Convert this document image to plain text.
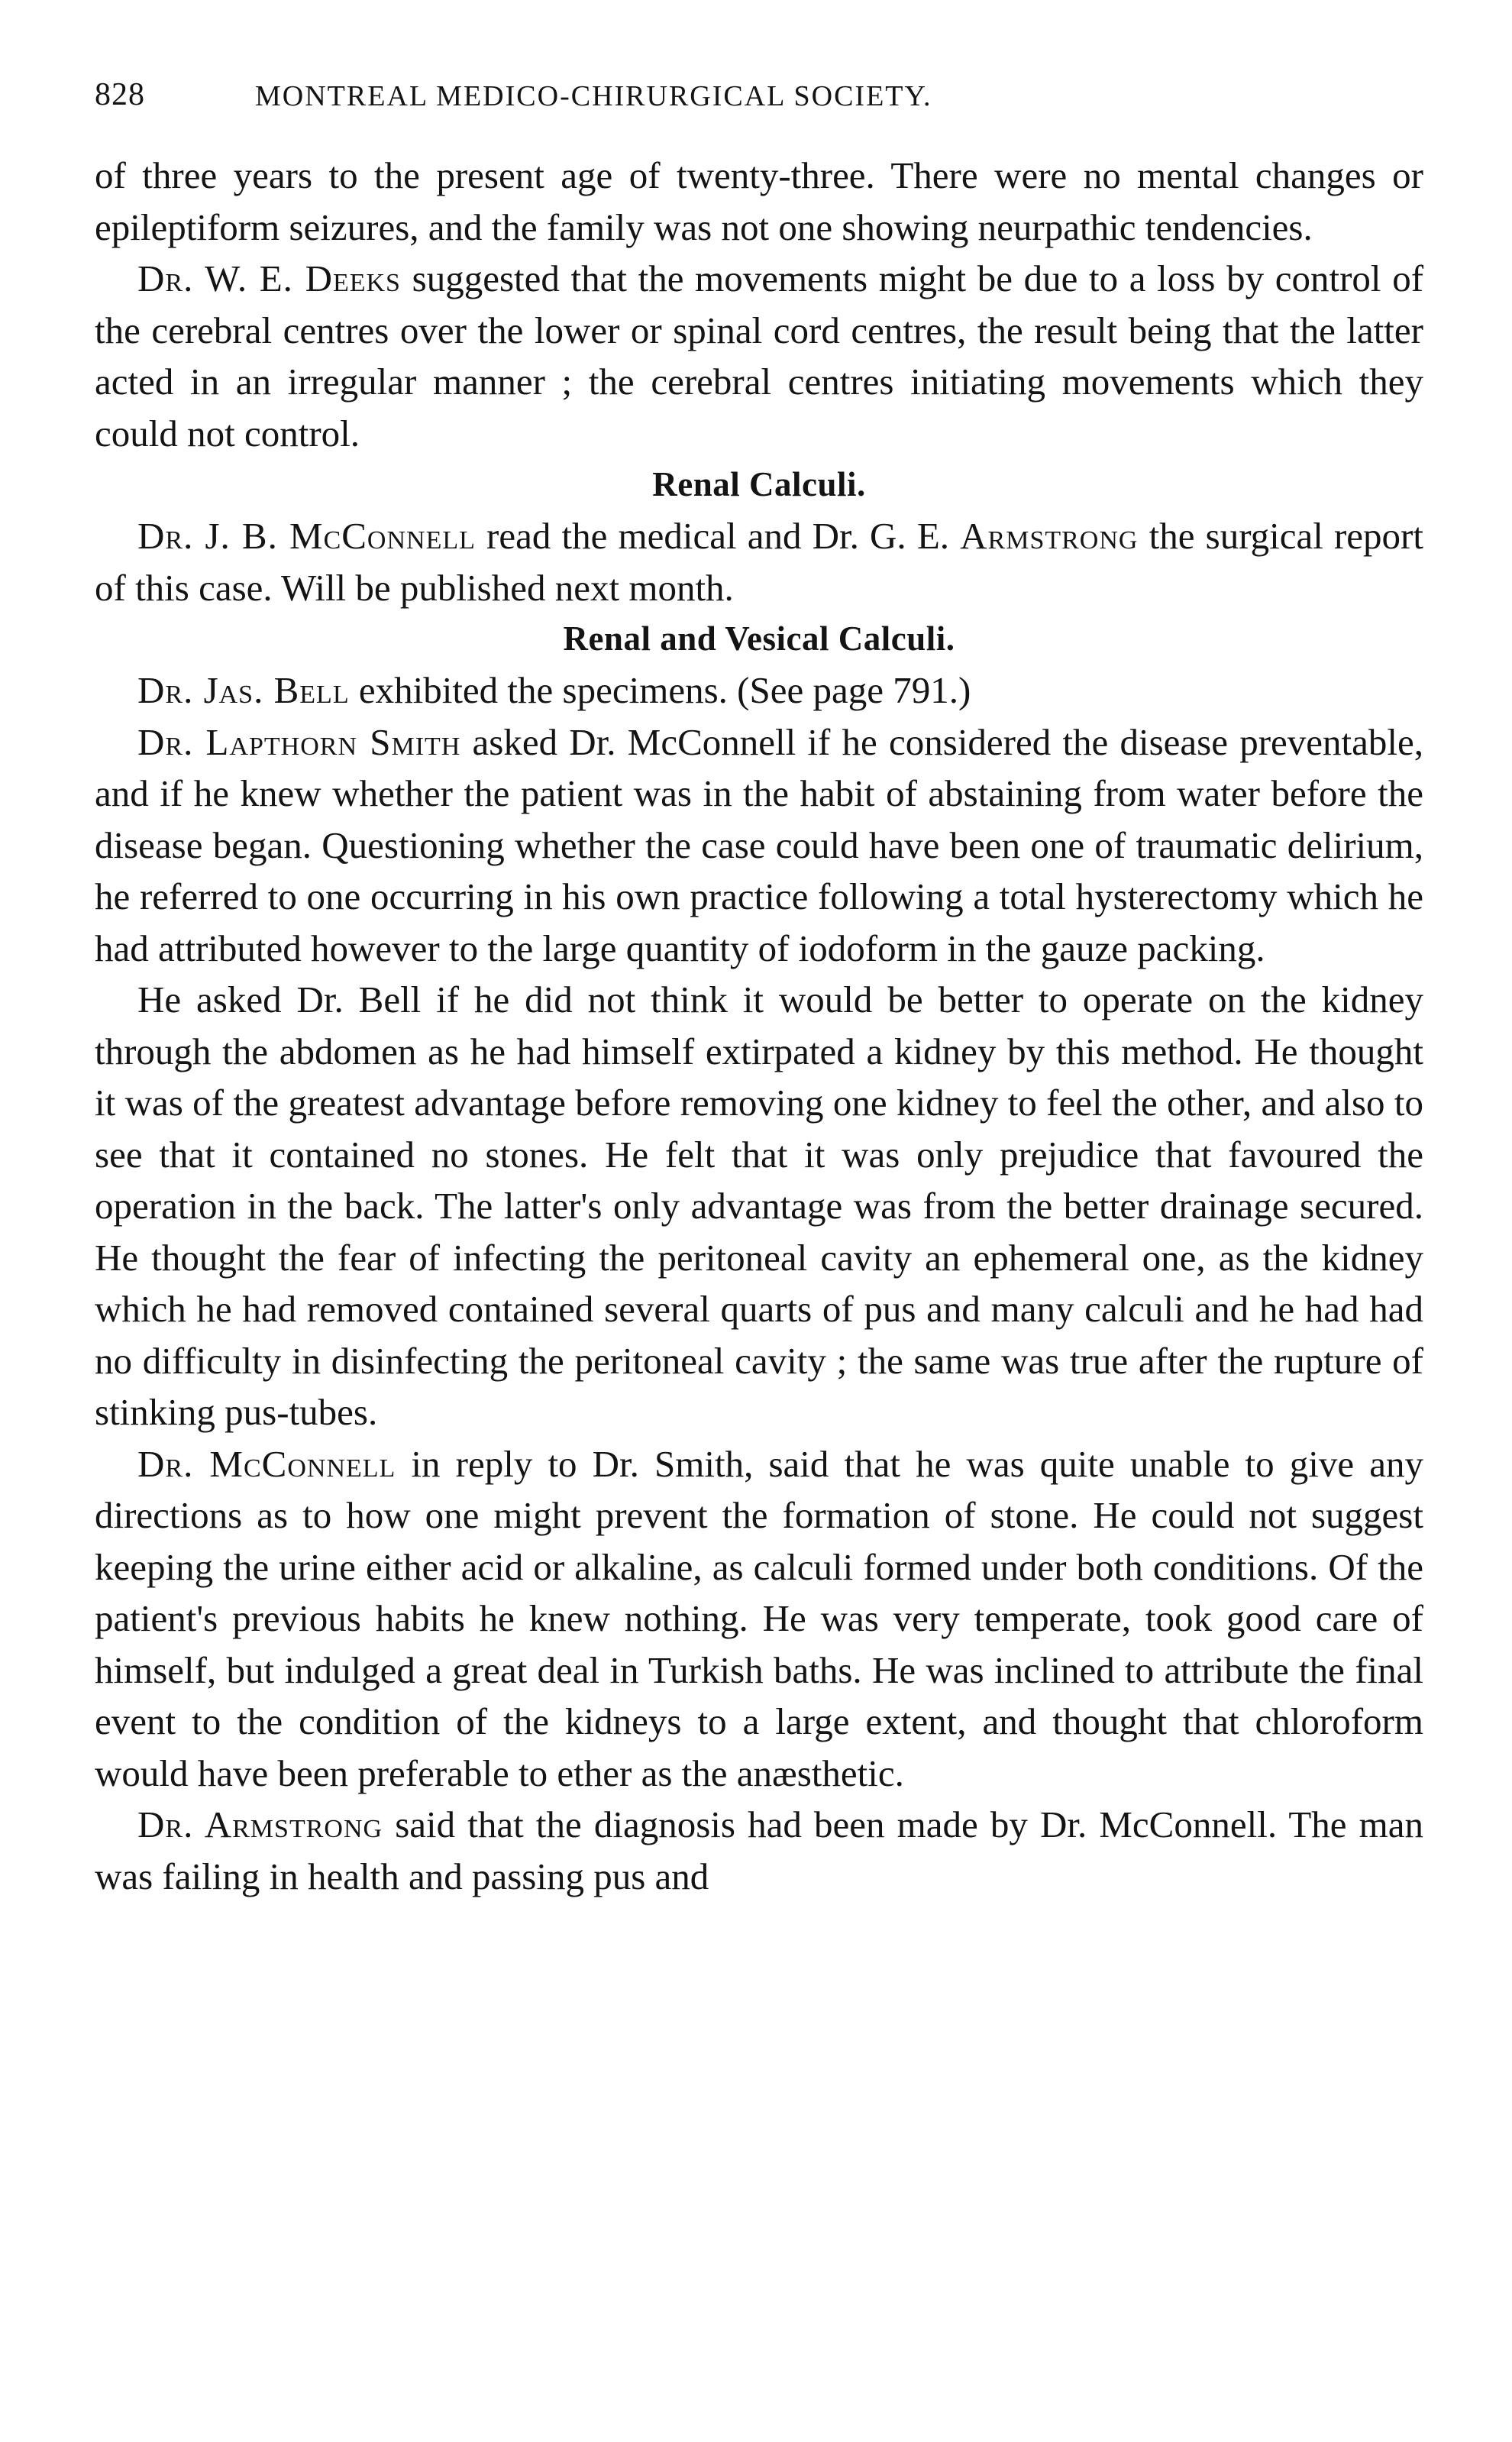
828	MONTREAL MEDICO-CHIRURGICAL SOCIETY.

of three years to the present age of twenty-three. There were no mental changes or epileptiform seizures, and the family was not one showing neurpathic tendencies.

Dr. W. E. Deeks suggested that the movements might be due to a loss by control of the cerebral centres over the lower or spinal cord centres, the result being that the latter acted in an irregular manner ; the cerebral centres initiating movements which they could not control.

Renal Calculi.

Dr. J. B. McConnell read the medical and Dr. G. E. Armstrong the surgical report of this case. Will be published next month.

Renal and Vesical Calculi.

Dr. Jas. Bell exhibited the specimens. (See page 791.)

Dr. Lapthorn Smith asked Dr. McConnell if he considered the disease preventable, and if he knew whether the patient was in the habit of abstaining from water before the disease began. Questioning whether the case could have been one of traumatic delirium, he referred to one occurring in his own practice following a total hysterectomy which he had attributed however to the large quantity of iodoform in the gauze packing.

He asked Dr. Bell if he did not think it would be better to operate on the kidney through the abdomen as he had himself extirpated a kidney by this method. He thought it was of the greatest advantage before removing one kidney to feel the other, and also to see that it contained no stones. He felt that it was only prejudice that favoured the operation in the back. The latter's only advantage was from the better drainage secured. He thought the fear of infecting the peritoneal cavity an ephemeral one, as the kidney which he had removed contained several quarts of pus and many calculi and he had had no difficulty in disinfecting the peritoneal cavity ; the same was true after the rupture of stinking pus-tubes.

Dr. McConnell in reply to Dr. Smith, said that he was quite unable to give any directions as to how one might prevent the formation of stone. He could not suggest keeping the urine either acid or alkaline, as calculi formed under both conditions. Of the patient's previous habits he knew nothing. He was very temperate, took good care of himself, but indulged a great deal in Turkish baths. He was inclined to attribute the final event to the condition of the kidneys to a large extent, and thought that chloroform would have been preferable to ether as the anæsthetic.

Dr. Armstrong said that the diagnosis had been made by Dr. McConnell. The man was failing in health and passing pus and
